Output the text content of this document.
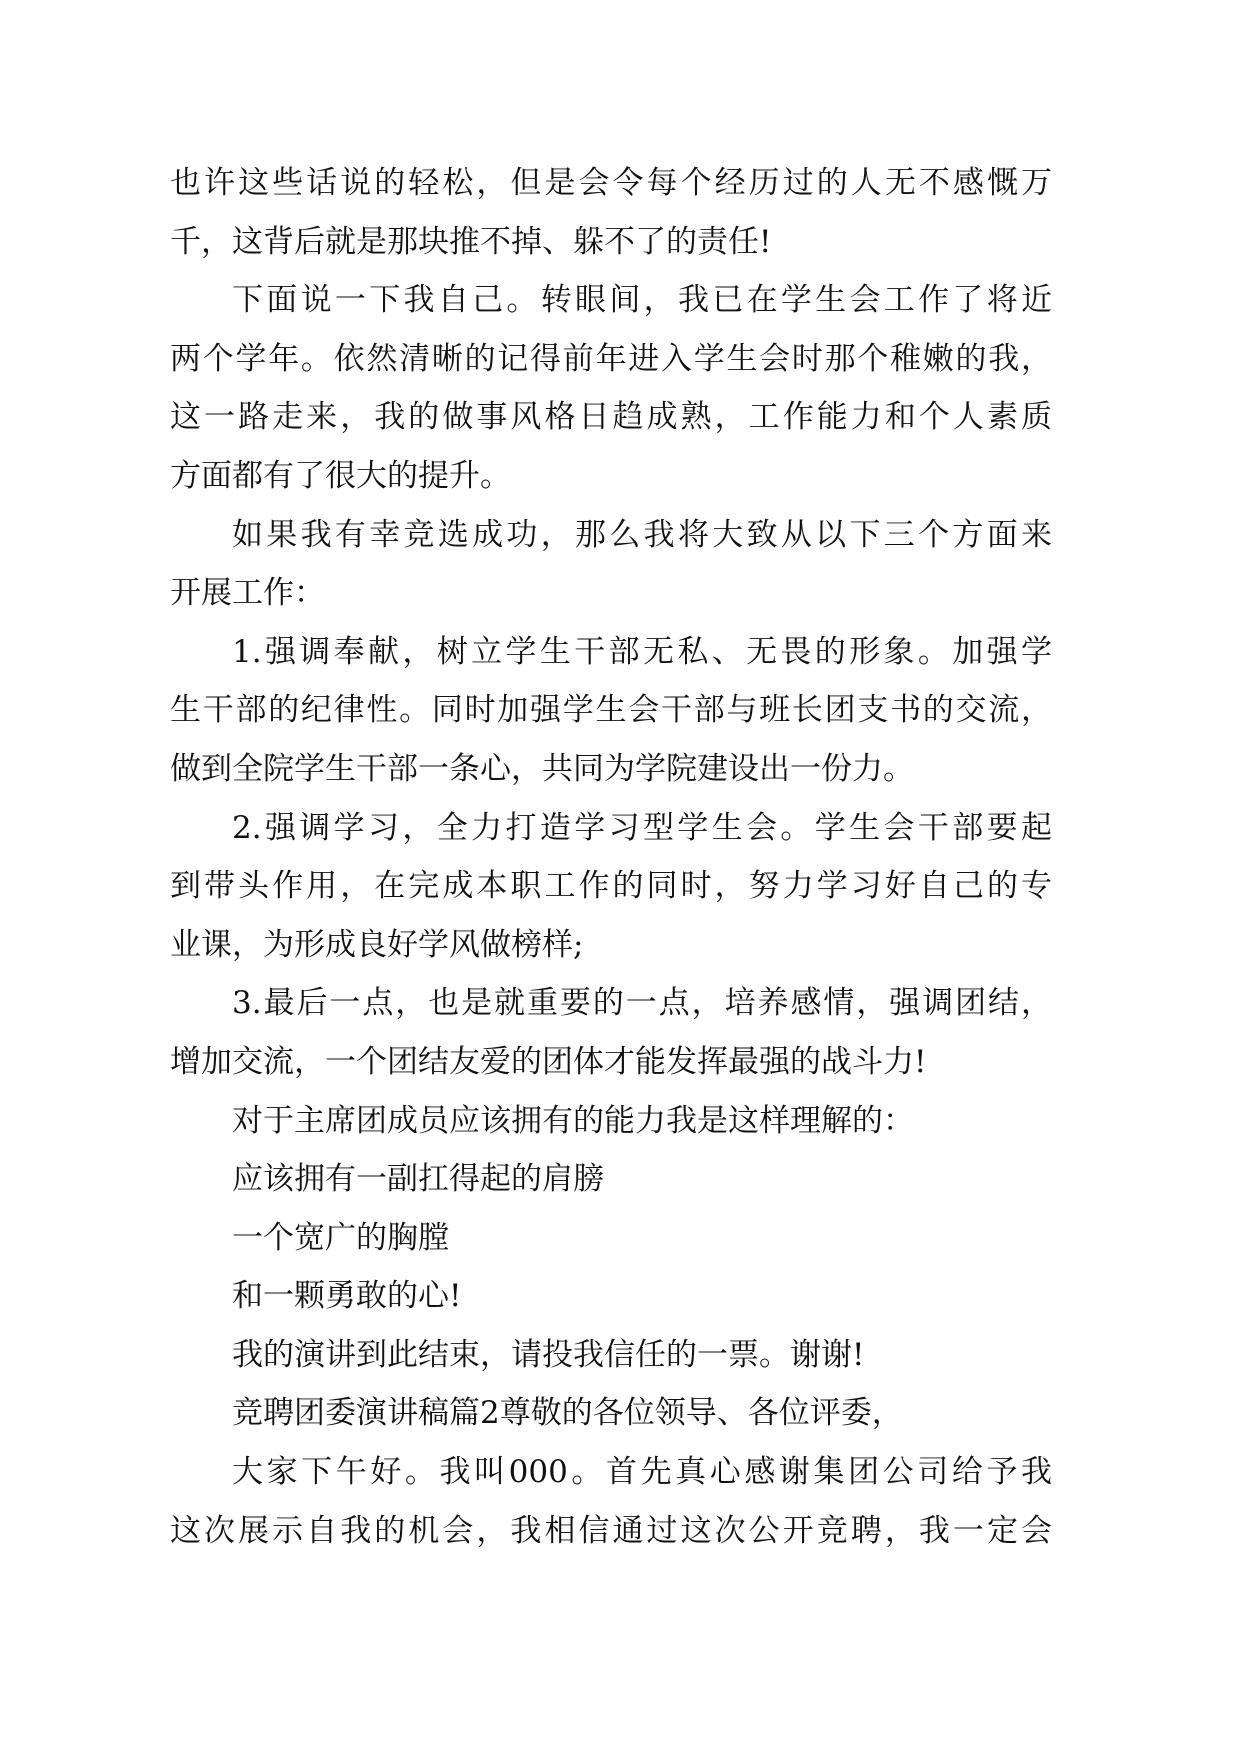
也许这些话说的轻松，但是会令每个经历过的人无不感慨万
千，这背后就是那块推不掉、躲不了的责任!
下面说一下我自己。转眼间，我已在学生会工作了将近
两个学年。依然清晰的记得前年进入学生会时那个稚嫩的我，
这一路走来，我的做事风格日趋成熟，工作能力和个人素质
方面都有了很大的提升。
如果我有幸竞选成功，那么我将大致从以下三个方面来
开展工作：
1.强调奉献，树立学生干部无私、无畏的形象。加强学
生干部的纪律性。同时加强学生会干部与班长团支书的交流，
做到全院学生干部一条心，共同为学院建设出一份力。
2.强调学习，全力打造学习型学生会。学生会干部要起
到带头作用，在完成本职工作的同时，努力学习好自己的专
业课，为形成良好学风做榜样;
3.最后一点，也是就重要的一点，培养感情，强调团结，
增加交流，一个团结友爱的团体才能发挥最强的战斗力!
对于主席团成员应该拥有的能力我是这样理解的：
应该拥有一副扛得起的肩膀
一个宽广的胸膛
和一颗勇敢的心!
我的演讲到此结束，请投我信任的一票。谢谢!
竞聘团委演讲稿篇2尊敬的各位领导、各位评委，
大家下午好。我叫000。首先真心感谢集团公司给予我
这次展示自我的机会，我相信通过这次公开竞聘，我一定会
